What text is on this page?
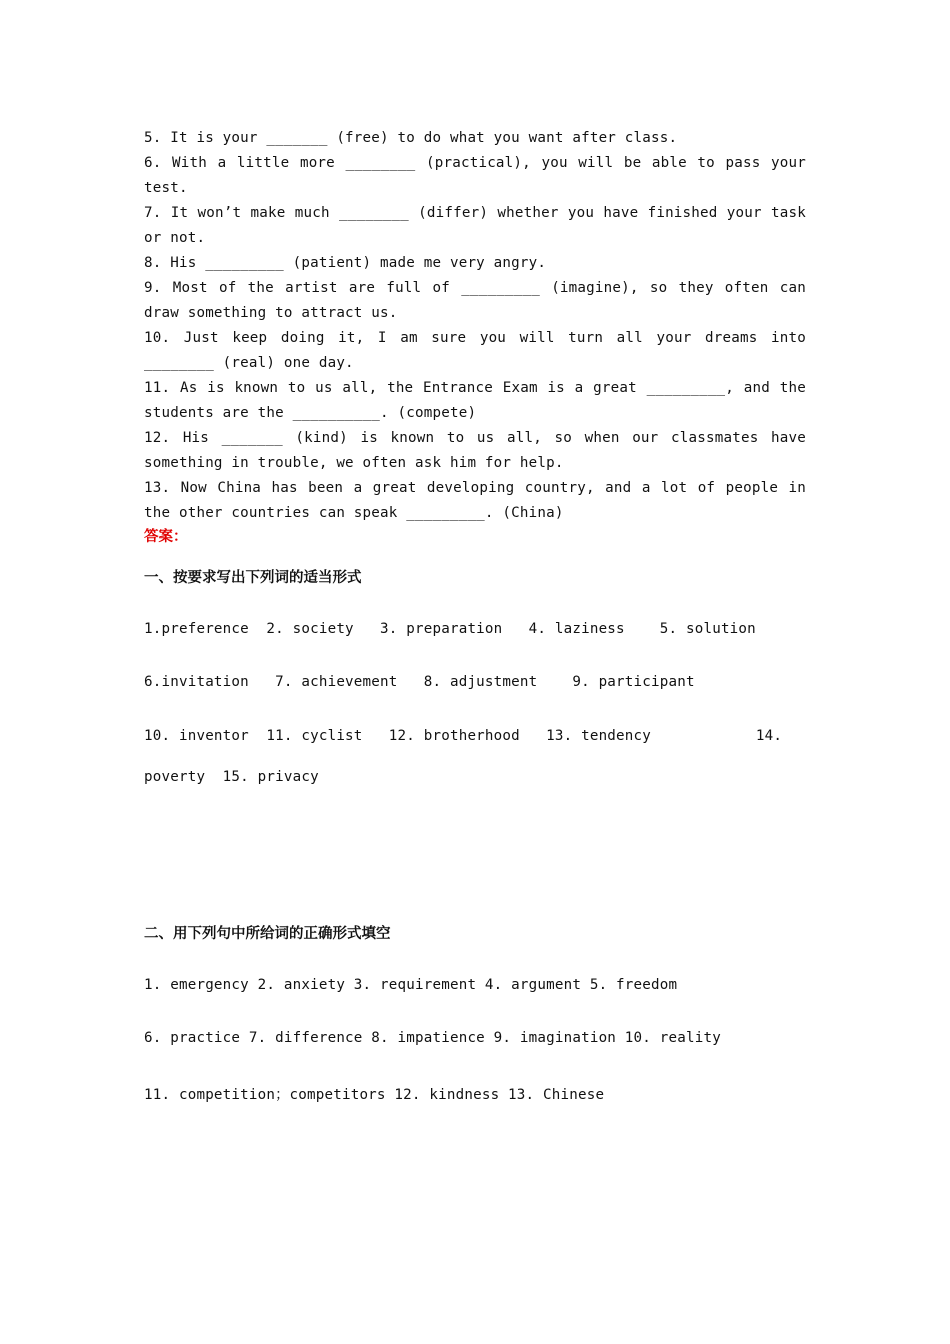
5. It is your _______ (free) to do what you want after class.

6. With a little more ________ (practical), you will be able to pass your test.

7. It won’t make much ________ (differ) whether you have finished your task or not.

8. His _________ (patient) made me very angry.

9. Most of the artist are full of _________ (imagine), so they often can draw something to attract us.

10. Just keep doing it, I am sure you will turn all your dreams into ________ (real) one day.

11. As is known to us all, the Entrance Exam is a great _________, and the students are the __________. (compete)

12. His _______ (kind) is known to us all, so when our classmates have something in trouble, we often ask him for help.

13. Now China has been a great developing country, and a lot of people in the other countries can speak _________. (China)

答案：

一、按要求写出下列词的适当形式

1.preference  2. society   3. preparation   4. laziness    5. solution

6.invitation   7. achievement   8. adjustment    9. participant

10. inventor  11. cyclist   12. brotherhood   13. tendency            14.

poverty  15. privacy

二、用下列句中所给词的正确形式填空

1. emergency 2. anxiety 3. requirement 4. argument 5. freedom

6. practice 7. difference 8. impatience 9. imagination 10. reality

11. competition；competitors 12. kindness 13. Chinese
